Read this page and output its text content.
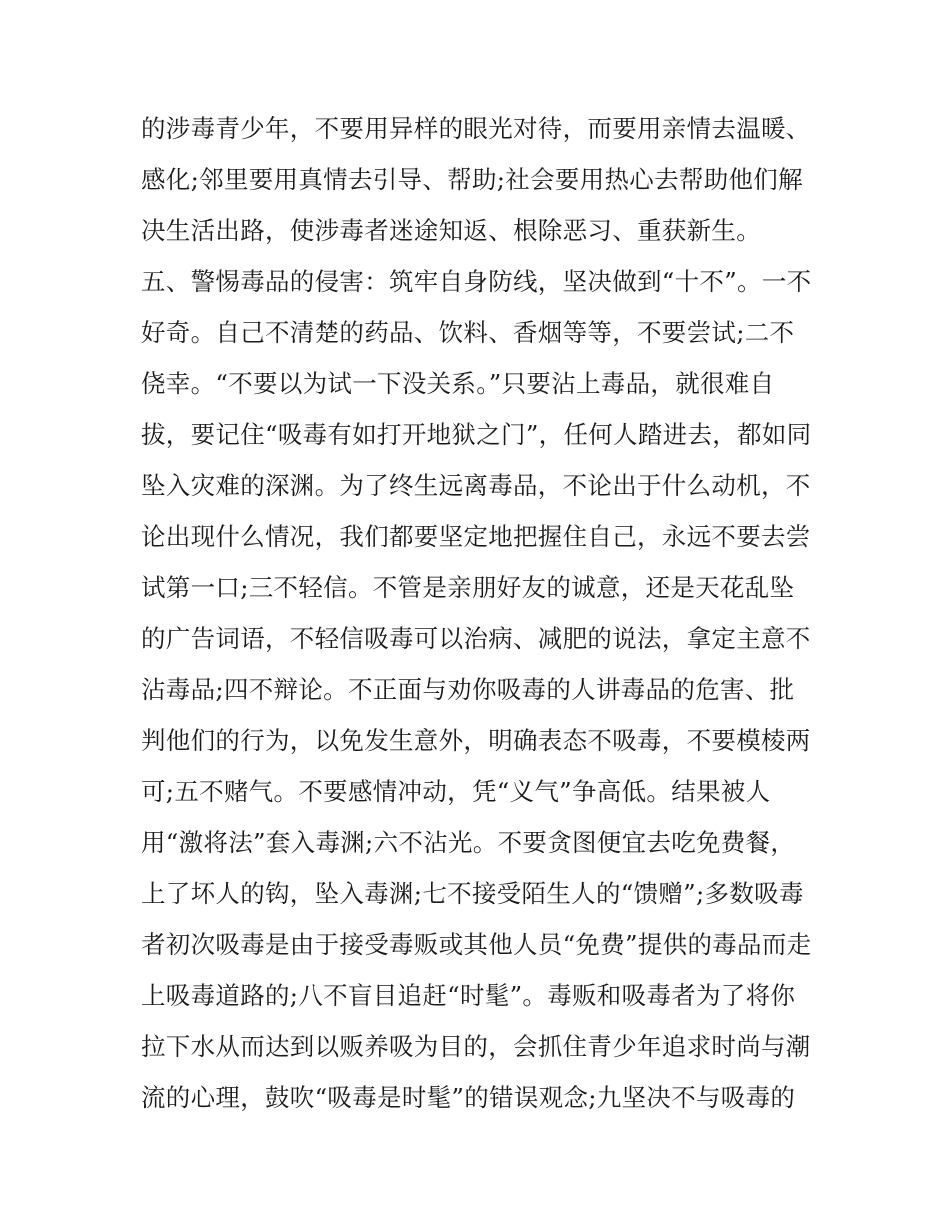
的涉毒青少年，不要用异样的眼光对待，而要用亲情去温暖、
感化;邻里要用真情去引导、帮助;社会要用热心去帮助他们解
决生活出路，使涉毒者迷途知返、根除恶习、重获新生。
五、警惕毒品的侵害：筑牢自身防线，坚决做到“十不”。一不
好奇。自己不清楚的药品、饮料、香烟等等，不要尝试;二不
侥幸。“不要以为试一下没关系。”只要沾上毒品，就很难自
拔，要记住“吸毒有如打开地狱之门”，任何人踏进去，都如同
坠入灾难的深渊。为了终生远离毒品，不论出于什么动机，不
论出现什么情况，我们都要坚定地把握住自己，永远不要去尝
试第一口;三不轻信。不管是亲朋好友的诚意，还是天花乱坠
的广告词语，不轻信吸毒可以治病、减肥的说法，拿定主意不
沾毒品;四不辩论。不正面与劝你吸毒的人讲毒品的危害、批
判他们的行为，以免发生意外，明确表态不吸毒，不要模棱两
可;五不赌气。不要感情冲动，凭“义气”争高低。结果被人
用“激将法”套入毒渊;六不沾光。不要贪图便宜去吃免费餐，
上了坏人的钩，坠入毒渊;七不接受陌生人的“馈赠”;多数吸毒
者初次吸毒是由于接受毒贩或其他人员“免费”提供的毒品而走
上吸毒道路的;八不盲目追赶“时髦”。毒贩和吸毒者为了将你
拉下水从而达到以贩养吸为目的，会抓住青少年追求时尚与潮
流的心理，鼓吹“吸毒是时髦”的错误观念;九坚决不与吸毒的
